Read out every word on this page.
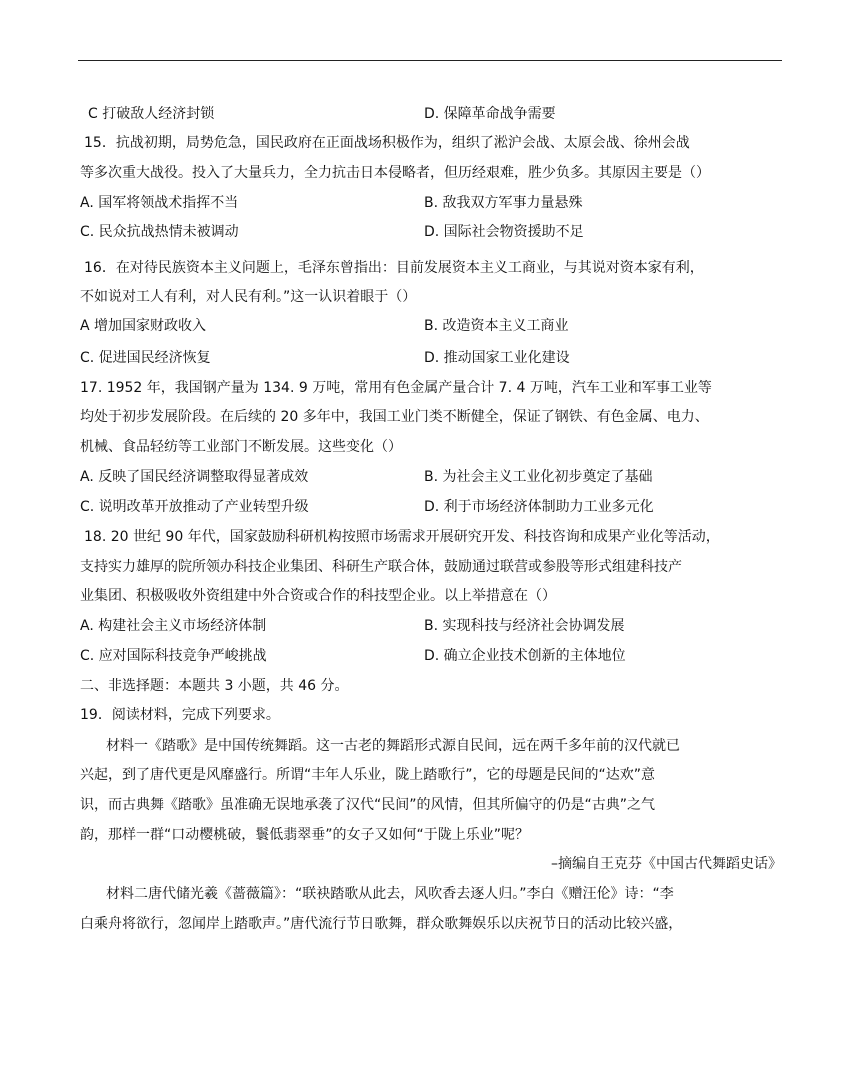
C 打破敌人经济封锁	D. 保障革命战争需要
15．抗战初期，局势危急，国民政府在正面战场积极作为，组织了淞沪会战、太原会战、徐州会战
等多次重大战役。投入了大量兵力，全力抗击日本侵略者，但历经艰难，胜少负多。其原因主要是（）
A. 国军将领战术指挥不当	B. 敌我双方军事力量悬殊
C. 民众抗战热情未被调动	D. 国际社会物资援助不足
16．在对待民族资本主义问题上，毛泽东曾指出：目前发展资本主义工商业，与其说对资本家有利，
不如说对工人有利，对人民有利。”这一认识着眼于（）
A 增加国家财政收入	B. 改造资本主义工商业
C. 促进国民经济恢复	D. 推动国家工业化建设
17. 1952 年，我国钢产量为 134. 9 万吨，常用有色金属产量合计 7. 4 万吨，汽车工业和军事工业等
均处于初步发展阶段。在后续的 20 多年中，我国工业门类不断健全，保证了钢铁、有色金属、电力、
机械、食品轻纺等工业部门不断发展。这些变化（）
A. 反映了国民经济调整取得显著成效	B. 为社会主义工业化初步奠定了基础
C. 说明改革开放推动了产业转型升级	D. 利于市场经济体制助力工业多元化
18. 20 世纪 90 年代，国家鼓励科研机构按照市场需求开展研究开发、科技咨询和成果产业化等活动，
支持实力雄厚的院所领办科技企业集团、科研生产联合体，鼓励通过联营或参股等形式组建科技产
业集团、积极吸收外资组建中外合资或合作的科技型企业。以上举措意在（）
A. 构建社会主义市场经济体制	B. 实现科技与经济社会协调发展
C. 应对国际科技竞争严峻挑战	D. 确立企业技术创新的主体地位
二、非选择题：本题共 3 小题，共 46 分。
19．阅读材料，完成下列要求。
材料一《踏歌》是中国传统舞蹈。这一古老的舞蹈形式源自民间，远在两千多年前的汉代就已
兴起，到了唐代更是风靡盛行。所谓“丰年人乐业，陇上踏歌行”，它的母题是民间的“达欢”意
识，而古典舞《踏歌》虽准确无误地承袭了汉代“民间”的风情，但其所偏守的仍是“古典”之气
韵，那样一群“口动樱桃破，鬟低翡翠垂”的女子又如何“于陇上乐业”呢？
–摘编自王克芬《中国古代舞蹈史话》
材料二唐代储光羲《蔷薇篇》：“联袂踏歌从此去，风吹香去逐人归。”李白《赠汪伦》诗：“李
白乘舟将欲行，忽闻岸上踏歌声。”唐代流行节日歌舞，群众歌舞娱乐以庆祝节日的活动比较兴盛，
